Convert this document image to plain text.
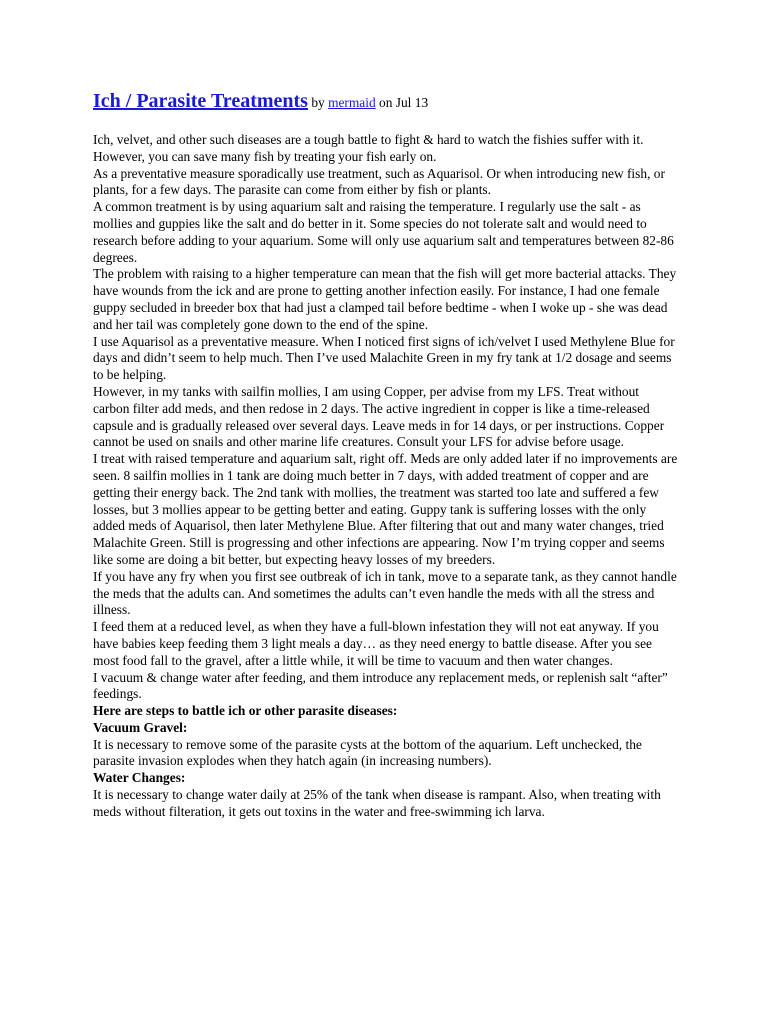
Ich / Parasite Treatments by mermaid on Jul 13

Ich, velvet, and other such diseases are a tough battle to fight & hard to watch the fishies suffer with it. However, you can save many fish by treating your fish early on.

As a preventative measure sporadically use treatment, such as Aquarisol. Or when introducing new fish, or plants, for a few days. The parasite can come from either by fish or plants.

A common treatment is by using aquarium salt and raising the temperature. I regularly use the salt - as mollies and guppies like the salt and do better in it. Some species do not tolerate salt and would need to research before adding to your aquarium. Some will only use aquarium salt and temperatures between 82-86 degrees.

The problem with raising to a higher temperature can mean that the fish will get more bacterial attacks. They have wounds from the ick and are prone to getting another infection easily. For instance, I had one female guppy secluded in breeder box that had just a clamped tail before bedtime - when I woke up - she was dead and her tail was completely gone down to the end of the spine.

I use Aquarisol as a preventative measure. When I noticed first signs of ich/velvet I used Methylene Blue for days and didn’t seem to help much. Then I’ve used Malachite Green in my fry tank at 1/2 dosage and seems to be helping.

However, in my tanks with sailfin mollies, I am using Copper, per advise from my LFS. Treat without carbon filter add meds, and then redose in 2 days. The active ingredient in copper is like a time-released capsule and is gradually released over several days. Leave meds in for 14 days, or per instructions. Copper cannot be used on snails and other marine life creatures. Consult your LFS for advise before usage.

I treat with raised temperature and aquarium salt, right off. Meds are only added later if no improvements are seen. 8 sailfin mollies in 1 tank are doing much better in 7 days, with added treatment of copper and are getting their energy back. The 2nd tank with mollies, the treatment was started too late and suffered a few losses, but 3 mollies appear to be getting better and eating. Guppy tank is suffering losses with the only added meds of Aquarisol, then later Methylene Blue. After filtering that out and many water changes, tried Malachite Green. Still is progressing and other infections are appearing. Now I’m trying copper and seems like some are doing a bit better, but expecting heavy losses of my breeders.

If you have any fry when you first see outbreak of ich in tank, move to a separate tank, as they cannot handle the meds that the adults can. And sometimes the adults can’t even handle the meds with all the stress and illness.

I feed them at a reduced level, as when they have a full-blown infestation they will not eat anyway. If you have babies keep feeding them 3 light meals a day… as they need energy to battle disease. After you see most food fall to the gravel, after a little while, it will be time to vacuum and then water changes.

I vacuum & change water after feeding, and them introduce any replacement meds, or replenish salt “after” feedings.

Here are steps to battle ich or other parasite diseases:

Vacuum Gravel:

It is necessary to remove some of the parasite cysts at the bottom of the aquarium. Left unchecked, the parasite invasion explodes when they hatch again (in increasing numbers).

Water Changes:

It is necessary to change water daily at 25% of the tank when disease is rampant. Also, when treating with meds without filteration, it gets out toxins in the water and free-swimming ich larva.
